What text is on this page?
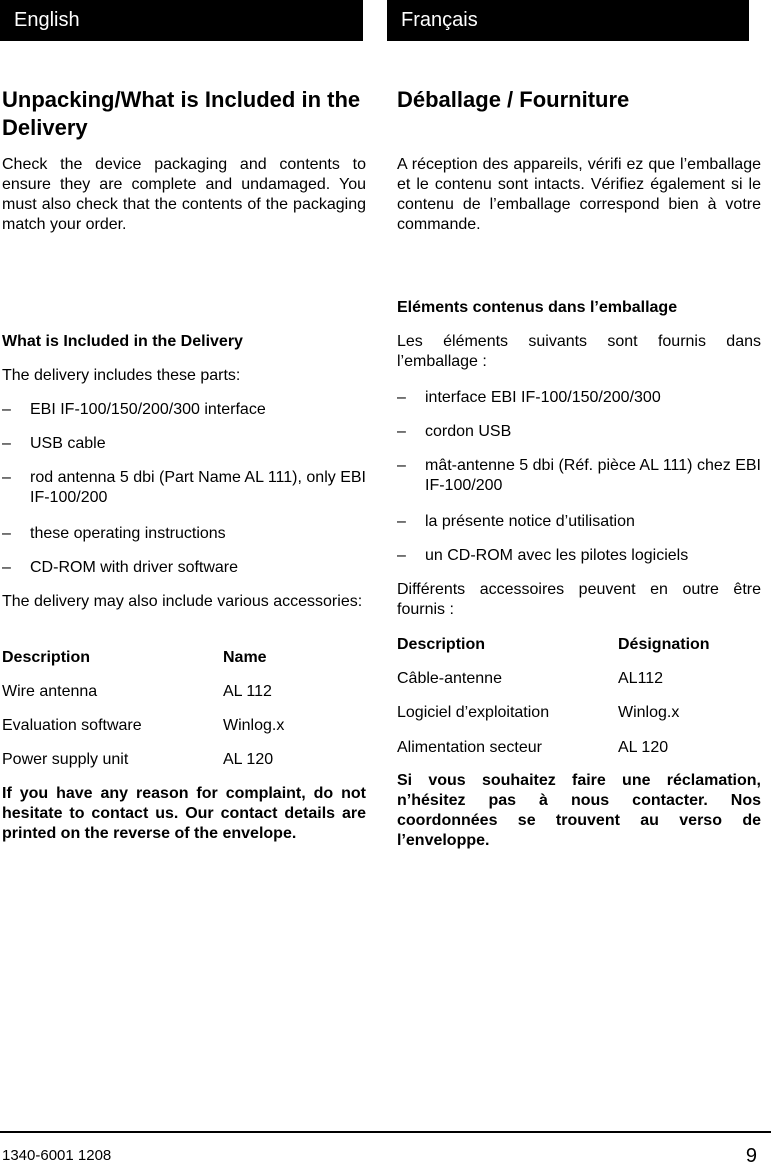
English	Français
Unpacking/What is Included in the Delivery
Check the device packaging and contents to ensure they are complete and undamaged. You must also check that the contents of the packaging match your order.
What is Included in the Delivery
The delivery includes these parts:
– EBI IF-100/150/200/300 interface
– USB cable
– rod antenna 5 dbi (Part Name AL 111), only EBI IF-100/200
– these operating instructions
– CD-ROM with driver software
The delivery may also include various accessories:
Description	Name
Wire antenna	AL 112
Evaluation software	Winlog.x
Power supply unit	AL 120
If you have any reason for complaint, do not hesitate to contact us. Our contact details are printed on the reverse of the envelope.
Déballage / Fourniture
A réception des appareils, vérifi ez que l’emballage et le contenu sont intacts. Vérifiez également si le contenu de l’emballage correspond bien à votre commande.
Eléments contenus dans l’emballage
Les éléments suivants sont fournis dans l’emballage :
– interface EBI IF-100/150/200/300
– cordon USB
– mât-antenne 5 dbi (Réf. pièce AL 111) chez EBI IF-100/200
– la présente notice d’utilisation
– un CD-ROM avec les pilotes logiciels
Différents accessoires peuvent en outre être fournis :
Description	Désignation
Câble-antenne	AL112
Logiciel d’exploitation	Winlog.x
Alimentation secteur	AL 120
Si vous souhaitez faire une réclamation, n’hésitez pas à nous contacter. Nos coordonnées se trouvent au verso de l’enveloppe.
1340-6001 1208	9
